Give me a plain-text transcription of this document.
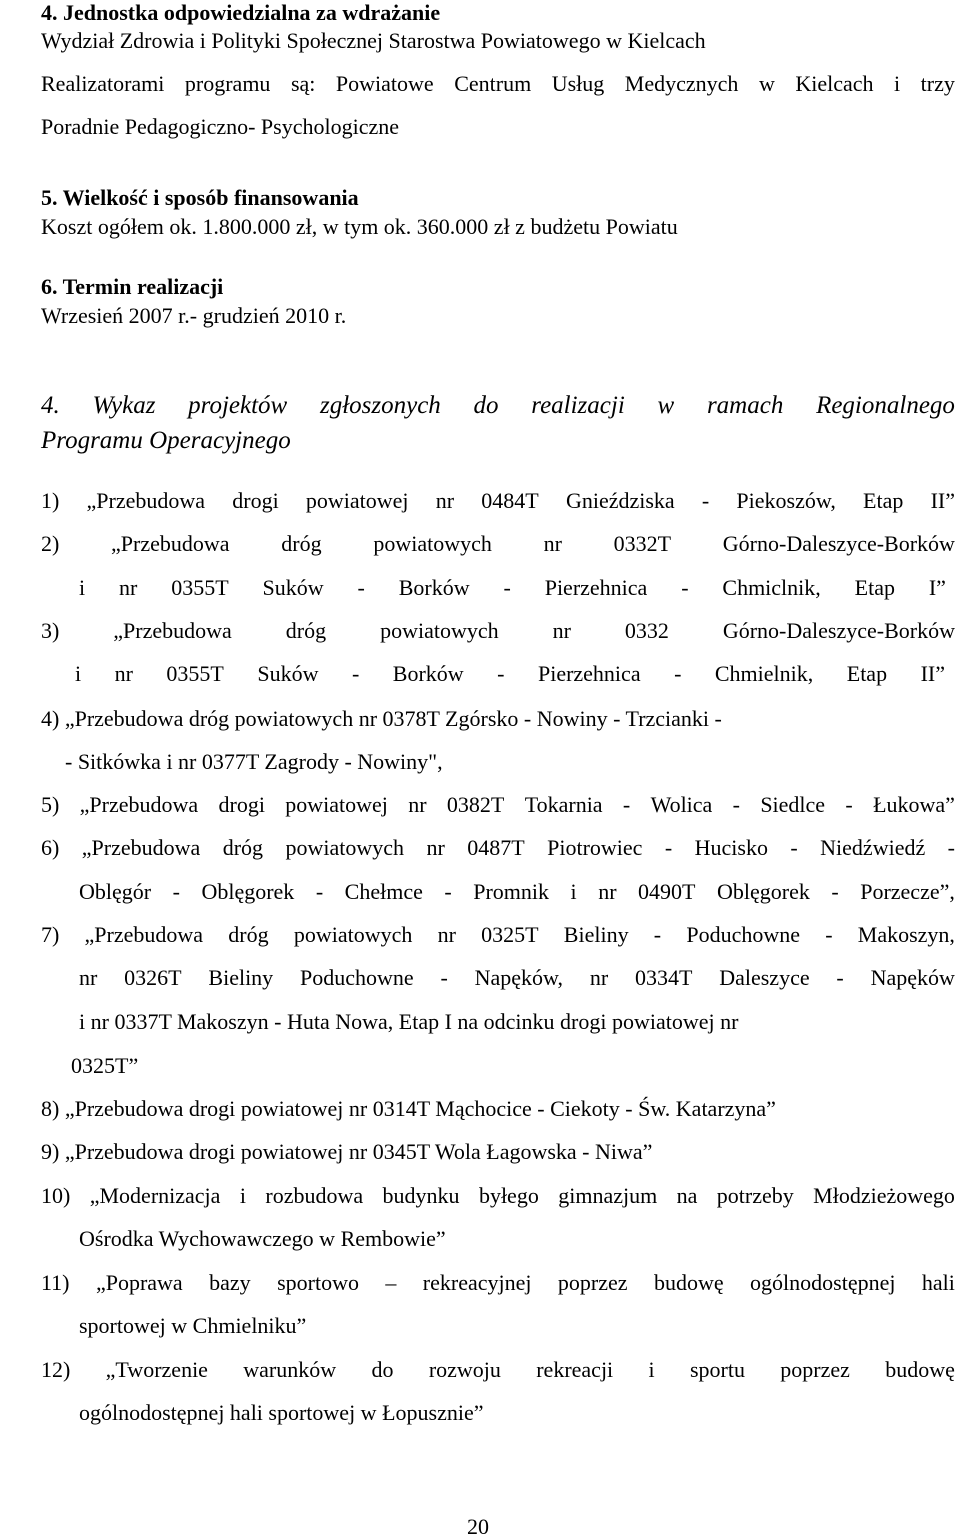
4. Jednostka odpowiedzialna za wdrażanie
Wydział Zdrowia i Polityki Społecznej Starostwa Powiatowego w Kielcach
Realizatorami programu są: Powiatowe Centrum Usług Medycznych w Kielcach i trzy
Poradnie Pedagogiczno- Psychologiczne
5. Wielkość i sposób finansowania
Koszt ogółem ok. 1.800.000 zł, w tym ok. 360.000 zł z budżetu Powiatu
6. Termin realizacji
Wrzesień 2007 r.- grudzień 2010 r.
4. Wykaz projektów zgłoszonych do realizacji w ramach Regionalnego
Programu Operacyjnego
1) „Przebudowa drogi powiatowej nr 0484T Gnieździska - Piekoszów, Etap II”
2) „Przebudowa dróg powiatowych nr 0332T Górno-Daleszyce-Borków
i nr 0355T Suków - Borków - Pierzehnica - Chmiclnik, Etap I”
3) „Przebudowa dróg powiatowych nr 0332 Górno-Daleszyce-Borków
i nr 0355T Suków - Borków - Pierzehnica - Chmielnik, Etap II”
4) „Przebudowa dróg powiatowych nr 0378T Zgórsko - Nowiny - Trzcianki -
- Sitkówka i nr 0377T Zagrody - Nowiny",
5) „Przebudowa drogi powiatowej nr 0382T Tokarnia - Wolica - Siedlce - Łukowa”
6) „Przebudowa dróg powiatowych nr 0487T Piotrowiec - Hucisko - Niedźwiedź -
Oblęgór - Oblęgorek - Chełmce - Promnik i nr 0490T Oblęgorek - Porzecze”,
7) „Przebudowa dróg powiatowych nr 0325T Bieliny - Poduchowne - Makoszyn,
nr 0326T Bieliny Poduchowne - Napęków, nr 0334T Daleszyce - Napęków
i nr 0337T Makoszyn - Huta Nowa, Etap I na odcinku drogi powiatowej nr
0325T”
8) „Przebudowa drogi powiatowej nr 0314T Mąchocice - Ciekoty - Św. Katarzyna”
9) „Przebudowa drogi powiatowej nr 0345T Wola Łagowska - Niwa”
10) „Modernizacja i rozbudowa budynku byłego gimnazjum na potrzeby Młodzieżowego
Ośrodka Wychowawczego w Rembowie”
11) „Poprawa bazy sportowo – rekreacyjnej poprzez budowę ogólnodostępnej hali
sportowej w Chmielniku”
12) „Tworzenie warunków do rozwoju rekreacji i sportu poprzez budowę
ogólnodostępnej hali sportowej w Łopusznie”
20
